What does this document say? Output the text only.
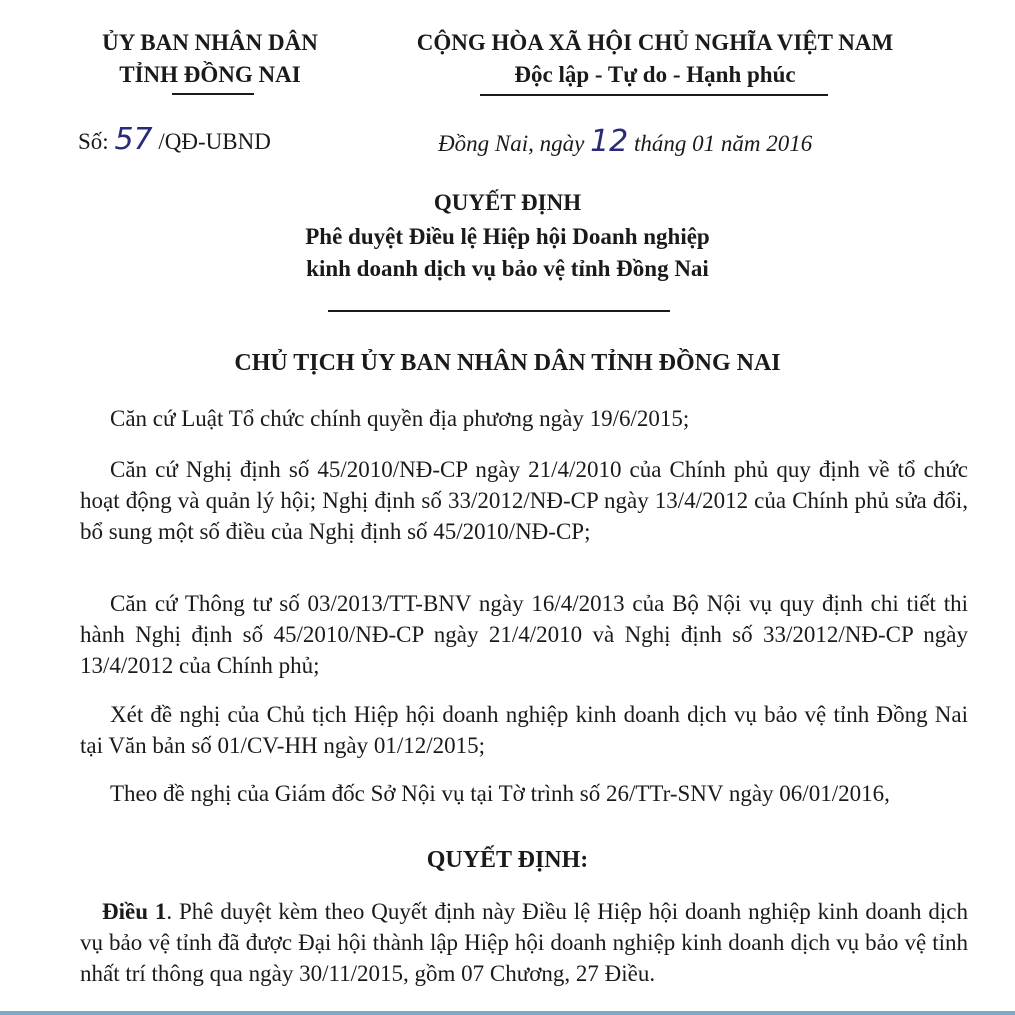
ỦY BAN NHÂN DÂN
TỈNH ĐỒNG NAI
CỘNG HÒA XÃ HỘI CHỦ NGHĨA VIỆT NAM
Độc lập - Tự do - Hạnh phúc
Số: 57 /QĐ-UBND	Đồng Nai, ngày 12 tháng 01 năm 2016
QUYẾT ĐỊNH
Phê duyệt Điều lệ Hiệp hội Doanh nghiệp
kinh doanh dịch vụ bảo vệ tỉnh Đồng Nai
CHỦ TỊCH ỦY BAN NHÂN DÂN TỈNH ĐỒNG NAI

Căn cứ Luật Tổ chức chính quyền địa phương ngày 19/6/2015;

Căn cứ Nghị định số 45/2010/NĐ-CP ngày 21/4/2010 của Chính phủ quy định về tổ chức hoạt động và quản lý hội; Nghị định số 33/2012/NĐ-CP ngày 13/4/2012 của Chính phủ sửa đổi, bổ sung một số điều của Nghị định số 45/2010/NĐ-CP;

Căn cứ Thông tư số 03/2013/TT-BNV ngày 16/4/2013 của Bộ Nội vụ quy định chi tiết thi hành Nghị định số 45/2010/NĐ-CP ngày 21/4/2010 và Nghị định số 33/2012/NĐ-CP ngày 13/4/2012 của Chính phủ;

Xét đề nghị của Chủ tịch Hiệp hội doanh nghiệp kinh doanh dịch vụ bảo vệ tỉnh Đồng Nai tại Văn bản số 01/CV-HH ngày 01/12/2015;

Theo đề nghị của Giám đốc Sở Nội vụ tại Tờ trình số 26/TTr-SNV ngày 06/01/2016,

QUYẾT ĐỊNH:

Điều 1. Phê duyệt kèm theo Quyết định này Điều lệ Hiệp hội doanh nghiệp kinh doanh dịch vụ bảo vệ tỉnh đã được Đại hội thành lập Hiệp hội doanh nghiệp kinh doanh dịch vụ bảo vệ tỉnh nhất trí thông qua ngày 30/11/2015, gồm 07 Chương, 27 Điều.
